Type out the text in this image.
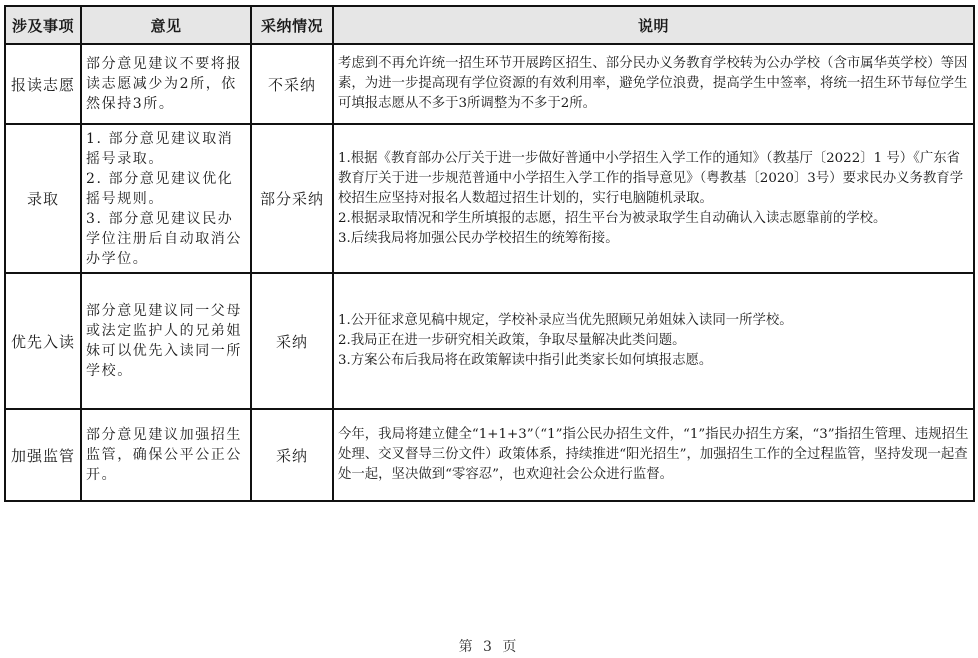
涉及事项	意见	采纳情况	说明
报读志愿	部分意见建议不要将报读志愿减少为2所，依然保持3所。	不采纳	考虑到不再允许统一招生环节开展跨区招生、部分民办义务教育学校转为公办学校（含市属华英学校）等因素，为进一步提高现有学位资源的有效利用率，避免学位浪费，提高学生中签率，将统一招生环节每位学生可填报志愿从不多于3所调整为不多于2所。

录取	1. 部分意见建议取消摇号录取。
2. 部分意见建议优化摇号规则。
3. 部分意见建议民办学位注册后自动取消公办学位。	部分采纳	1.根据《教育部办公厅关于进一步做好普通中小学招生入学工作的通知》（教基厅〔2022〕1 号）《广东省教育厅关于进一步规范普通中小学招生入学工作的指导意见》（粤教基〔2020〕3号）要求民办义务教育学校招生应坚持对报名人数超过招生计划的，实行电脑随机录取。
2.根据录取情况和学生所填报的志愿，招生平台为被录取学生自动确认入读志愿靠前的学校。
3.后续我局将加强公民办学校招生的统筹衔接。

优先入读	部分意见建议同一父母或法定监护人的兄弟姐妹可以优先入读同一所学校。	采纳	1.公开征求意见稿中规定，学校补录应当优先照顾兄弟姐妹入读同一所学校。
2.我局正在进一步研究相关政策，争取尽量解决此类问题。
3.方案公布后我局将在政策解读中指引此类家长如何填报志愿。

加强监管	部分意见建议加强招生监管，确保公平公正公开。	采纳	今年，我局将建立健全“1+1+3”（“1”指公民办招生文件，“1”指民办招生方案，“3”指招生管理、违规招生处理、交叉督导三份文件）政策体系，持续推进“阳光招生”，加强招生工作的全过程监管，坚持发现一起查处一起，坚决做到“零容忍”，也欢迎社会公众进行监督。
第 3 页
